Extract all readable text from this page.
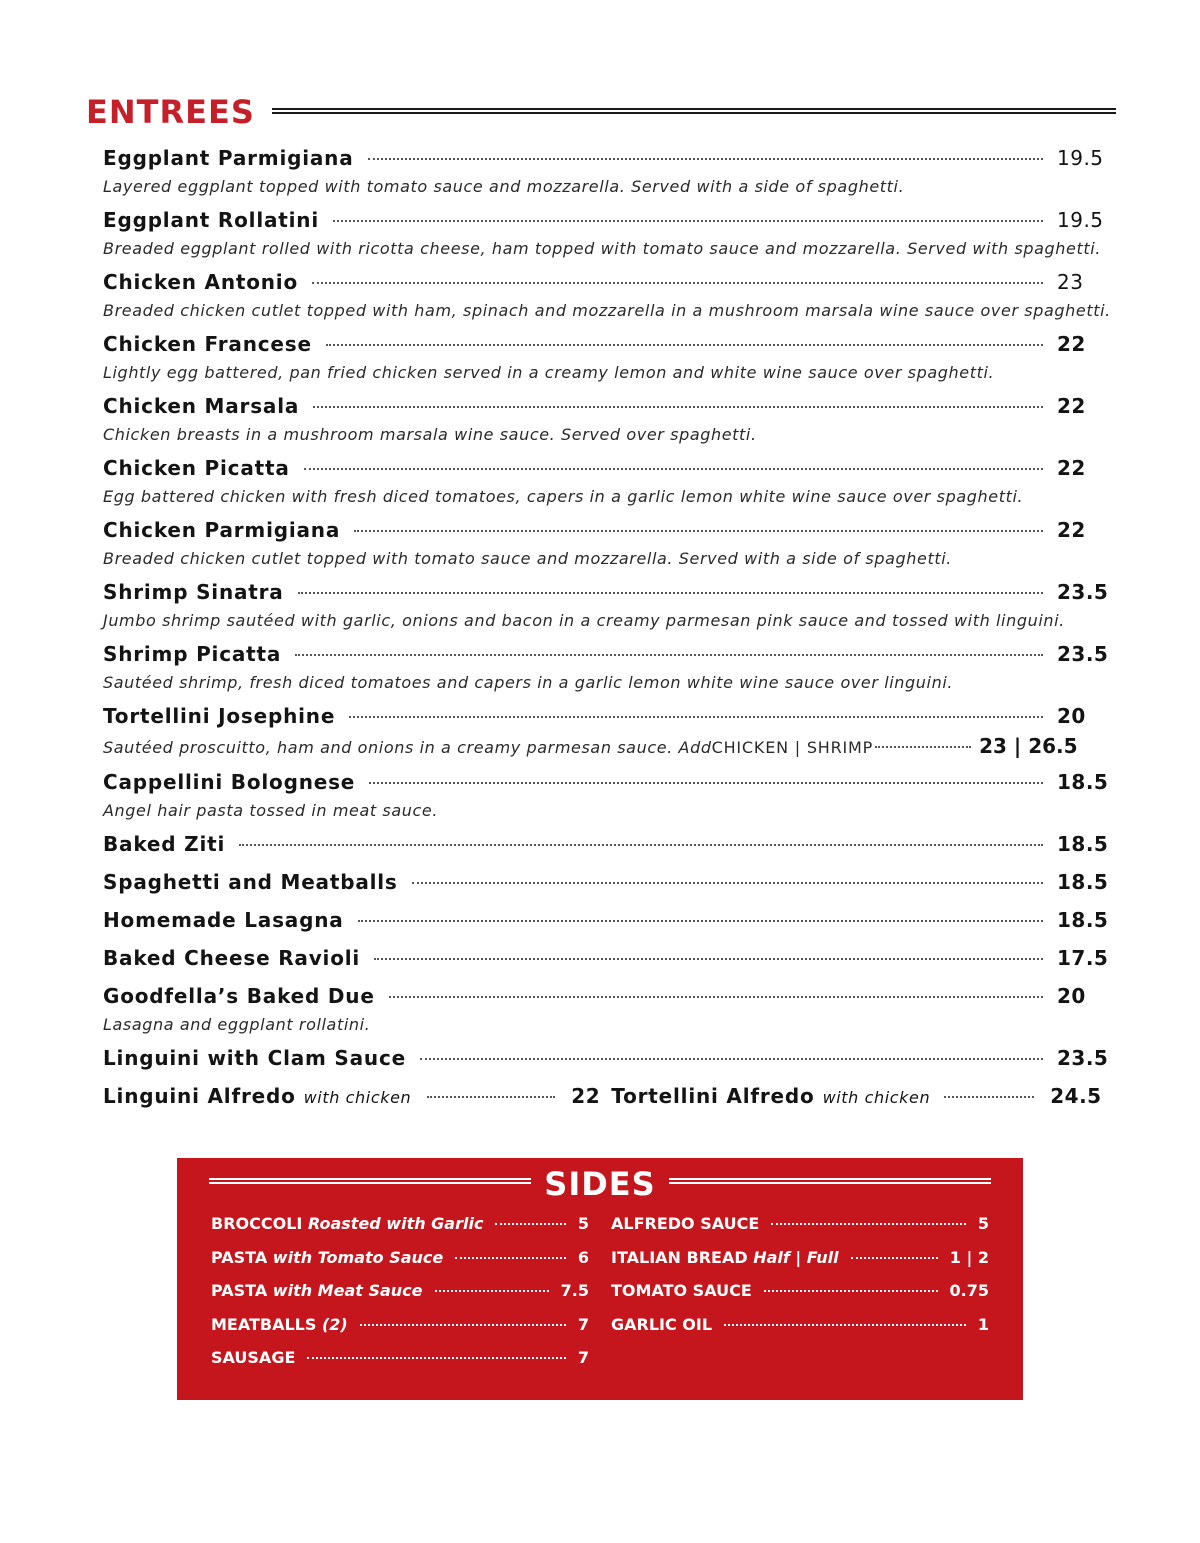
ENTREES
Eggplant Parmigiana	19.5
Layered eggplant topped with tomato sauce and mozzarella. Served with a side of spaghetti.
Eggplant Rollatini	19.5
Breaded eggplant rolled with ricotta cheese, ham topped with tomato sauce and mozzarella. Served with spaghetti.
Chicken Antonio	23
Breaded chicken cutlet topped with ham, spinach and mozzarella in a mushroom marsala wine sauce over spaghetti.
Chicken Francese	22
Lightly egg battered, pan fried chicken served in a creamy lemon and white wine sauce over spaghetti.
Chicken Marsala	22
Chicken breasts in a mushroom marsala wine sauce. Served over spaghetti.
Chicken Picatta	22
Egg battered chicken with fresh diced tomatoes, capers in a garlic lemon white wine sauce over spaghetti.
Chicken Parmigiana	22
Breaded chicken cutlet topped with tomato sauce and mozzarella. Served with a side of spaghetti.
Shrimp Sinatra	23.5
Jumbo shrimp sautéed with garlic, onions and bacon in a creamy parmesan pink sauce and tossed with linguini.
Shrimp Picatta	23.5
Sautéed shrimp, fresh diced tomatoes and capers in a garlic lemon white wine sauce over linguini.
Tortellini Josephine	20
Sautéed proscuitto, ham and onions in a creamy parmesan sauce. Add CHICKEN | SHRIMP	23 | 26.5
Cappellini Bolognese	18.5
Angel hair pasta tossed in meat sauce.
Baked Ziti	18.5
Spaghetti and Meatballs	18.5
Homemade Lasagna	18.5
Baked Cheese Ravioli	17.5
Goodfella’s Baked Due	20
Lasagna and eggplant rollatini.
Linguini with Clam Sauce	23.5
Linguini Alfredo with chicken	22 Tortellini Alfredo with chicken	24.5
SIDES
BROCCOLI Roasted with Garlic	5
PASTA with Tomato Sauce	6
PASTA with Meat Sauce	7.5
MEATBALLS (2)	7
SAUSAGE	7
ALFREDO SAUCE	5
ITALIAN BREAD Half | Full	1 | 2
TOMATO SAUCE	0.75
GARLIC OIL	1
